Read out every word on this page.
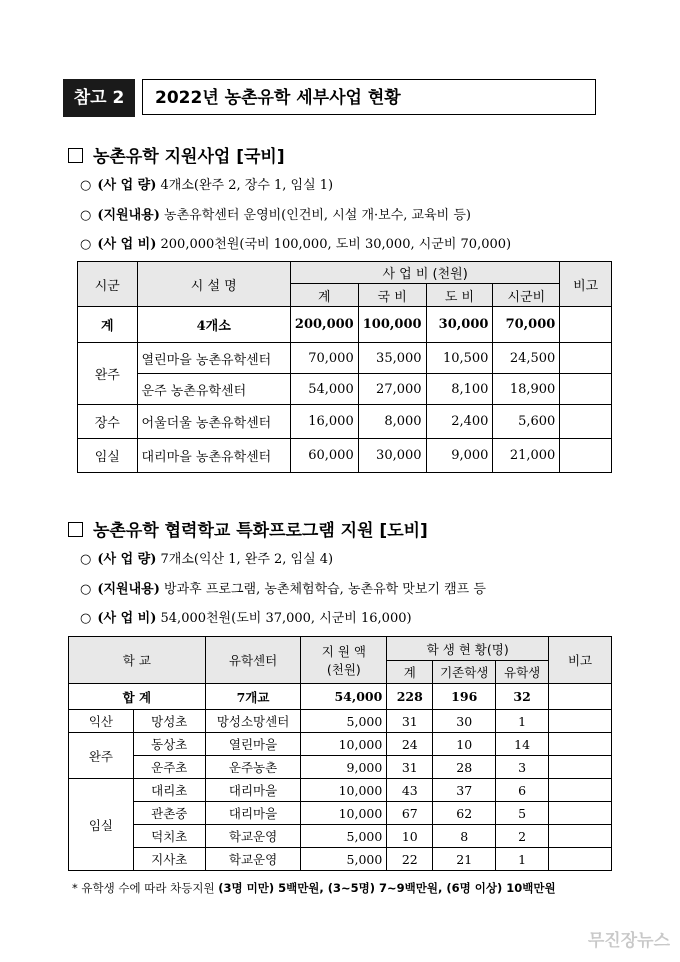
참고 2	2022년 농촌유학 세부사업 현황
농촌유학 지원사업 [국비]
○ (사 업 량) 4개소(완주 2, 장수 1, 임실 1)
○ (지원내용) 농촌유학센터 운영비(인건비, 시설 개·보수, 교육비 등)
○ (사 업 비) 200,000천원(국비 100,000, 도비 30,000, 시군비 70,000)
시군	시 설 명	사 업 비 (천원)				비고
		계	국 비	도 비	시군비	
계	4개소	200,000	100,000	30,000	70,000	
완주	열린마을 농촌유학센터	70,000	35,000	10,500	24,500	
	운주 농촌유학센터	54,000	27,000	8,100	18,900	
장수	어울더울 농촌유학센터	16,000	8,000	2,400	5,600	
임실	대리마을 농촌유학센터	60,000	30,000	9,000	21,000	
농촌유학 협력학교 특화프로그램 지원 [도비]
○ (사 업 량) 7개소(익산 1, 완주 2, 임실 4)
○ (지원내용) 방과후 프로그램, 농촌체험학습, 농촌유학 맛보기 캠프 등
○ (사 업 비) 54,000천원(도비 37,000, 시군비 16,000)
학 교		유학센터	지 원 액
(천원)	학 생 현 황(명)			비고
				계	기존학생	유학생	
합 계		7개교	54,000	228	196	32	
익산	망성초	망성소망센터	5,000	31	30	1	
완주	동상초	열린마을	10,000	24	10	14	
	운주초	운주농촌	9,000	31	28	3	
임실	대리초	대리마을	10,000	43	37	6	
	관촌중	대리마을	10,000	67	62	5	
	덕치초	학교운영	5,000	10	8	2	
	지사초	학교운영	5,000	22	21	1	
* 유학생 수에 따라 차등지원 (3명 미만) 5백만원, (3~5명) 7~9백만원, (6명 이상) 10백만원
무진장뉴스
